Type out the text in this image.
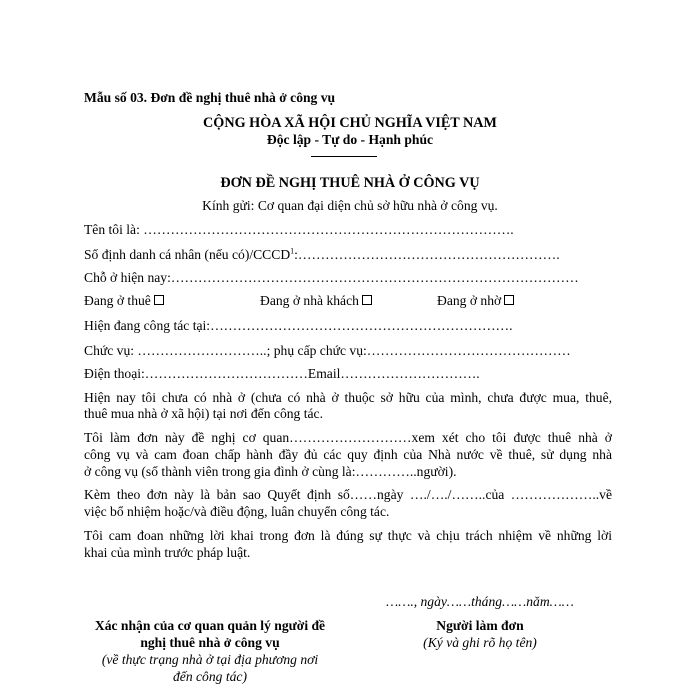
Mẫu số 03. Đơn đề nghị thuê nhà ở công vụ
CỘNG HÒA XÃ HỘI CHỦ NGHĨA VIỆT NAM
Độc lập - Tự do - Hạnh phúc
ĐƠN ĐỀ NGHỊ THUÊ NHÀ Ở CÔNG VỤ
Kính gửi: Cơ quan đại diện chủ sở hữu nhà ở công vụ.
Tên tôi là: ……………………………………………………………………….
Số định danh cá nhân (nếu có)/CCCD$^1$:………………………………………………….
Chỗ ở hiện nay:………………………………………………………………………………
Đang ở thuê	Đang ở nhà khách	Đang ở nhờ
Hiện đang công tác tại:………………………………………………………….
Chức vụ: ………………………..; phụ cấp chức vụ:………………………………………
Điện thoại:………………………………Email………………………….
Hiện nay tôi chưa có nhà ở (chưa có nhà ở thuộc sở hữu của mình, chưa được mua, thuê,
thuê mua nhà ở xã hội) tại nơi đến công tác.
Tôi làm đơn này đề nghị cơ quan………………………xem xét cho tôi được thuê nhà ở
công vụ và cam đoan chấp hành đầy đủ các quy định của Nhà nước về thuê, sử dụng nhà
ở công vụ (số thành viên trong gia đình ở cùng là:…………..người).
Kèm theo đơn này là bản sao Quyết định số……ngày …./…./……..của ………………..về
việc bổ nhiệm hoặc/và điều động, luân chuyển công tác.
Tôi cam đoan những lời khai trong đơn là đúng sự thực và chịu trách nhiệm về những lời
khai của mình trước pháp luật.
……., ngày……tháng……năm……
Xác nhận của cơ quan quản lý người đề
nghị thuê nhà ở công vụ
(về thực trạng nhà ở tại địa phương nơi
đến công tác)
Người làm đơn
(Ký và ghi rõ họ tên)
